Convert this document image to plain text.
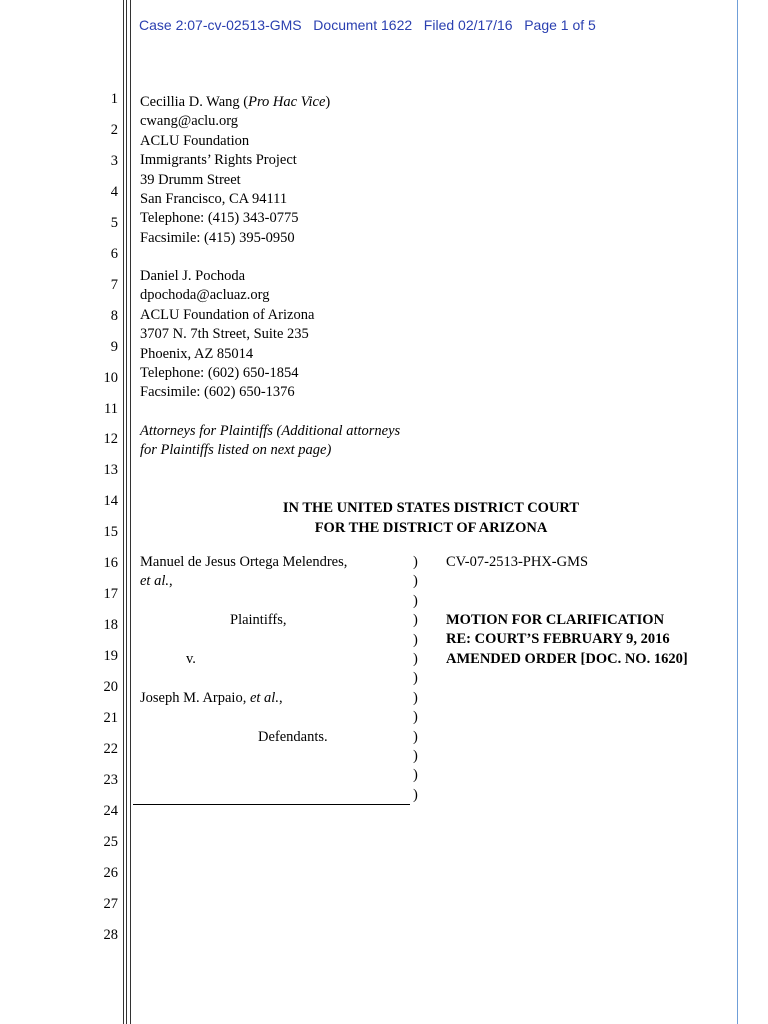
Case 2:07-cv-02513-GMS   Document 1622   Filed 02/17/16   Page 1 of 5
1
2
3
4
5
6
7
8
9
10
11
12
13
14
15
16
17
18
19
20
21
22
23
24
25
26
27
28
Cecillia D. Wang (Pro Hac Vice)
cwang@aclu.org
ACLU Foundation
Immigrants’ Rights Project
39 Drumm Street
San Francisco, CA 94111
Telephone: (415) 343-0775
Facsimile: (415) 395-0950
Daniel J. Pochoda
dpochoda@acluaz.org
ACLU Foundation of Arizona
3707 N. 7th Street, Suite 235
Phoenix, AZ 85014
Telephone: (602) 650-1854
Facsimile: (602) 650-1376
Attorneys for Plaintiffs (Additional attorneys
for Plaintiffs listed on next page)
IN THE UNITED STATES DISTRICT COURT
FOR THE DISTRICT OF ARIZONA
Manuel de Jesus Ortega Melendres,
et al.,
Plaintiffs,
v.
Joseph M. Arpaio, et al.,
Defendants.
)
)
)
)
)
)
)
)
)
)
)
)
)
CV-07-2513-PHX-GMS
MOTION FOR CLARIFICATION
RE: COURT’S FEBRUARY 9, 2016
AMENDED ORDER [DOC. NO. 1620]
